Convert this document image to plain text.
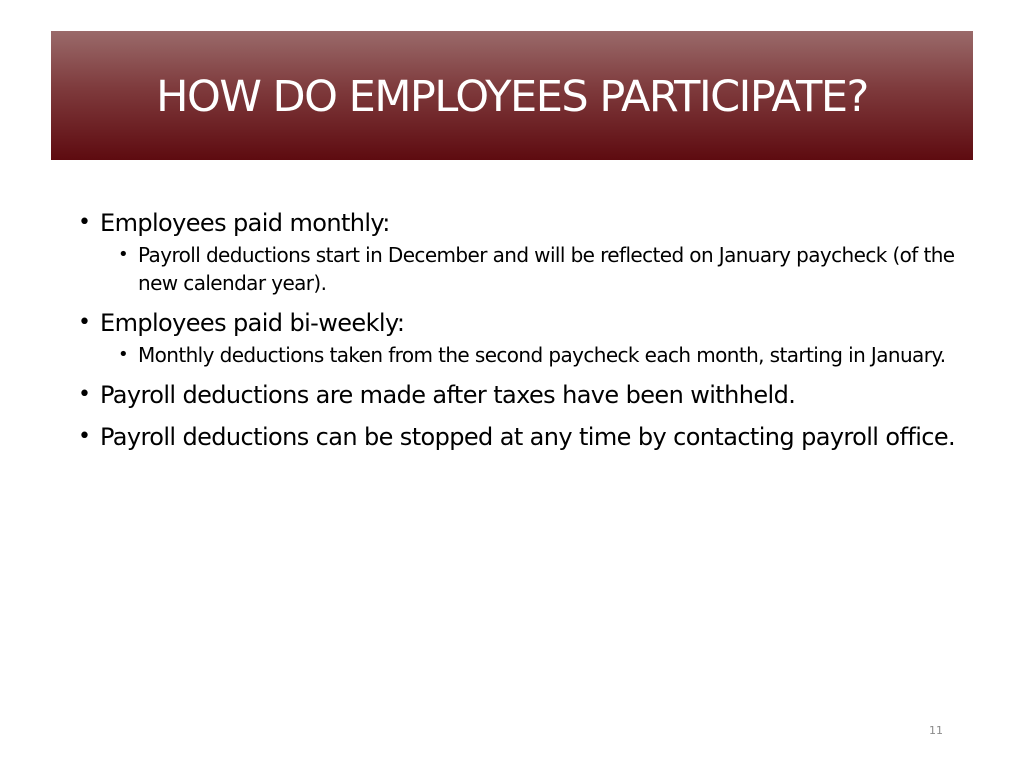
HOW DO EMPLOYEES PARTICIPATE?
• Employees paid monthly:
• Payroll deductions start in December and will be reflected on January paycheck (of the new calendar year).
• Employees paid bi-weekly:
• Monthly deductions taken from the second paycheck each month, starting in January.
• Payroll deductions are made after taxes have been withheld.
• Payroll deductions can be stopped at any time by contacting payroll office.
11
